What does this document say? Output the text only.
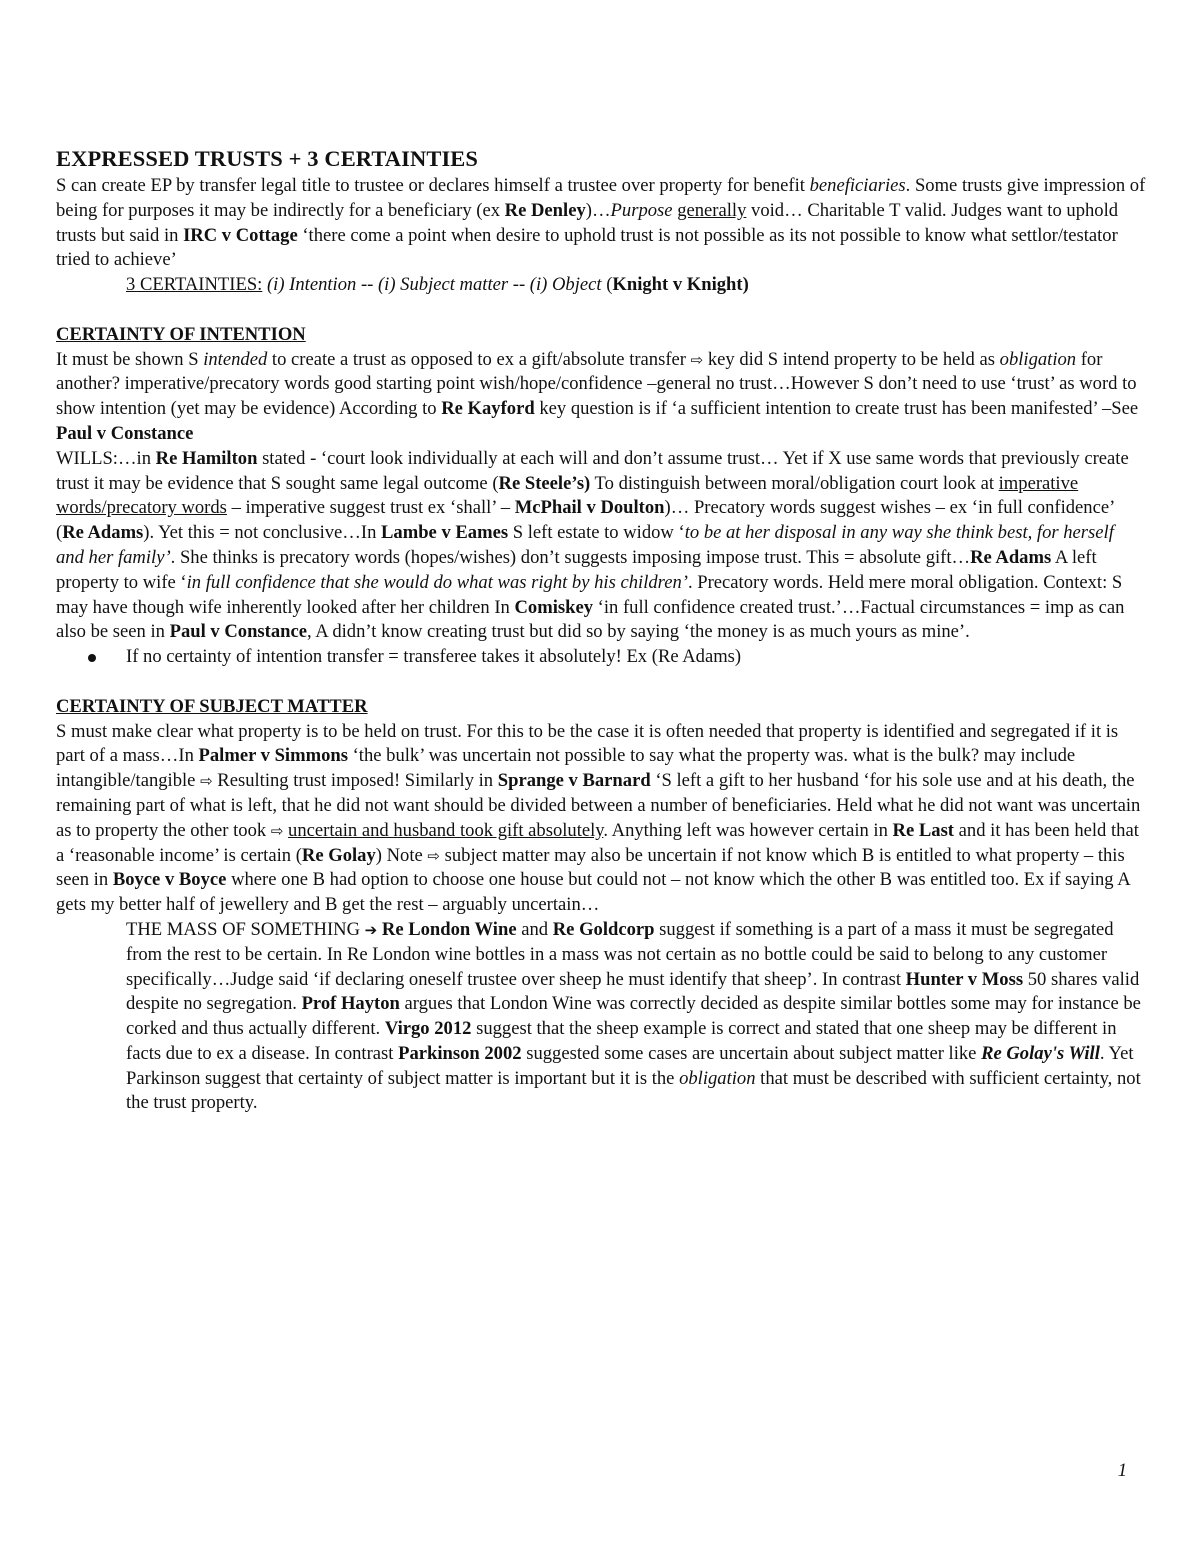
EXPRESSED TRUSTS + 3 CERTAINTIES

S can create EP by transfer legal title to trustee or declares himself a trustee over property for benefit beneficiaries. Some trusts give impression of being for purposes it may be indirectly for a beneficiary (ex Re Denley)…Purpose generally void… Charitable T valid. Judges want to uphold trusts but said in IRC v Cottage ‘there come a point when desire to uphold trust is not possible as its not possible to know what settlor/testator tried to achieve’

3 CERTAINTIES: (i) Intention -- (i) Subject matter -- (i) Object (Knight v Knight)

CERTAINTY OF INTENTION

It must be shown S intended to create a trust as opposed to ex a gift/absolute transfer ⇨ key did S intend property to be held as obligation for another? imperative/precatory words good starting point wish/hope/confidence –general no trust…However S don’t need to use ‘trust’ as word to show intention (yet may be evidence) According to Re Kayford key question is if ‘a sufficient intention to create trust has been manifested’ –See Paul v Constance

WILLS:…in Re Hamilton stated - ‘court look individually at each will and don’t assume trust… Yet if X use same words that previously create trust it may be evidence that S sought same legal outcome (Re Steele’s) To distinguish between moral/obligation court look at imperative words/precatory words – imperative suggest trust ex ‘shall’ – McPhail v Doulton)… Precatory words suggest wishes – ex ‘in full confidence’ (Re Adams). Yet this = not conclusive…In Lambe v Eames S left estate to widow ‘to be at her disposal in any way she think best, for herself and her family’. She thinks is precatory words (hopes/wishes) don’t suggests imposing impose trust. This = absolute gift…Re Adams A left property to wife ‘in full confidence that she would do what was right by his children’. Precatory words. Held mere moral obligation. Context: S may have though wife inherently looked after her children In Comiskey ‘in full confidence created trust.’…Factual circumstances = imp as can also be seen in Paul v Constance, A didn’t know creating trust but did so by saying ‘the money is as much yours as mine’.

If no certainty of intention transfer = transferee takes it absolutely! Ex (Re Adams)
CERTAINTY OF SUBJECT MATTER

S must make clear what property is to be held on trust. For this to be the case it is often needed that property is identified and segregated if it is part of a mass…In Palmer v Simmons ‘the bulk’ was uncertain not possible to say what the property was. what is the bulk? may include intangible/tangible ⇨ Resulting trust imposed! Similarly in Sprange v Barnard ‘S left a gift to her husband ‘for his sole use and at his death, the remaining part of what is left, that he did not want should be divided between a number of beneficiaries. Held what he did not want was uncertain as to property the other took ⇨ uncertain and husband took gift absolutely. Anything left was however certain in Re Last and it has been held that a ‘reasonable income’ is certain (Re Golay) Note ⇨ subject matter may also be uncertain if not know which B is entitled to what property – this seen in Boyce v Boyce where one B had option to choose one house but could not – not know which the other B was entitled too. Ex if saying A gets my better half of jewellery and B get the rest – arguably uncertain…

THE MASS OF SOMETHING ➔ Re London Wine and Re Goldcorp suggest if something is a part of a mass it must be segregated from the rest to be certain. In Re London wine bottles in a mass was not certain as no bottle could be said to belong to any customer specifically…Judge said ‘if declaring oneself trustee over sheep he must identify that sheep’. In contrast Hunter v Moss 50 shares valid despite no segregation. Prof Hayton argues that London Wine was correctly decided as despite similar bottles some may for instance be corked and thus actually different. Virgo 2012 suggest that the sheep example is correct and stated that one sheep may be different in facts due to ex a disease. In contrast Parkinson 2002 suggested some cases are uncertain about subject matter like Re Golay's Will. Yet Parkinson suggest that certainty of subject matter is important but it is the obligation that must be described with sufficient certainty, not the trust property.

1
